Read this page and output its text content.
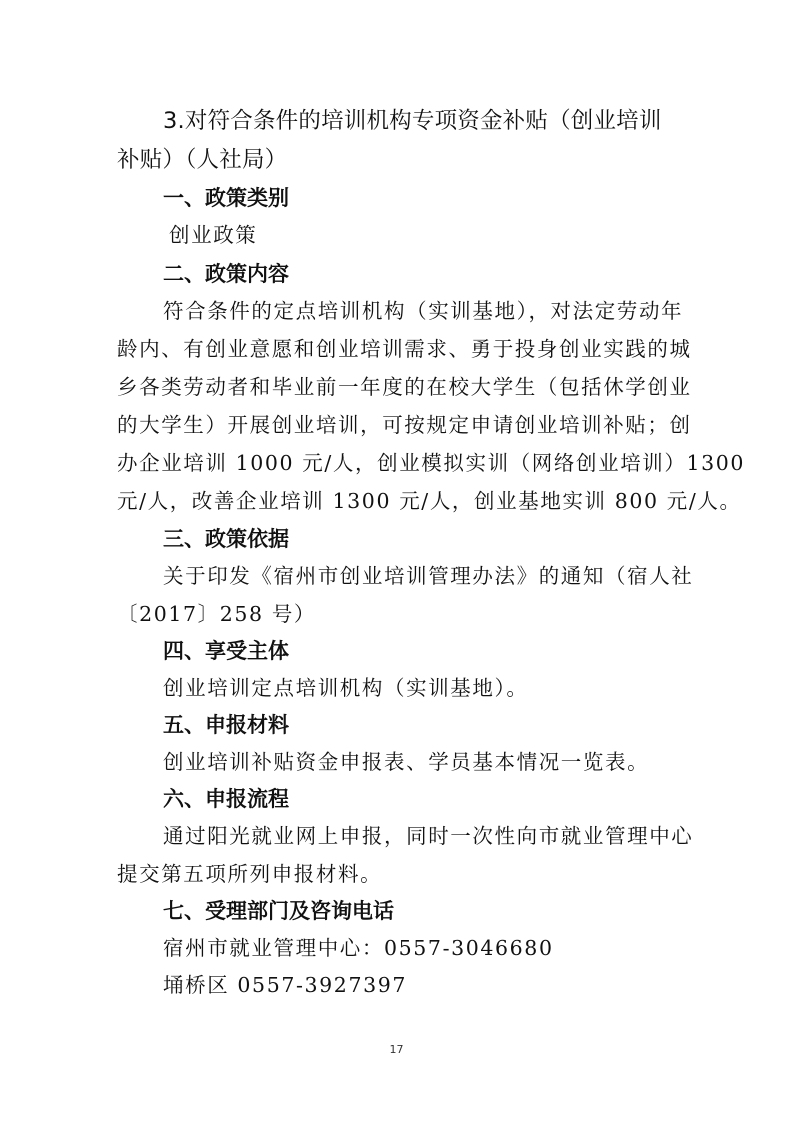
3.对符合条件的培训机构专项资金补贴（创业培训
补贴）（人社局）
一、政策类别
创业政策
二、政策内容
符合条件的定点培训机构（实训基地），对法定劳动年
龄内、有创业意愿和创业培训需求、勇于投身创业实践的城
乡各类劳动者和毕业前一年度的在校大学生（包括休学创业
的大学生）开展创业培训，可按规定申请创业培训补贴；创
办企业培训 1000 元/人，创业模拟实训（网络创业培训）1300
元/人，改善企业培训 1300 元/人，创业基地实训 800 元/人。
三、政策依据
关于印发《宿州市创业培训管理办法》的通知（宿人社
〔2017〕258 号）
四、享受主体
创业培训定点培训机构（实训基地）。
五、申报材料
创业培训补贴资金申报表、学员基本情况一览表。
六、申报流程
通过阳光就业网上申报，同时一次性向市就业管理中心
提交第五项所列申报材料。
七、受理部门及咨询电话
宿州市就业管理中心：0557-3046680
埇桥区 0557-3927397
17
